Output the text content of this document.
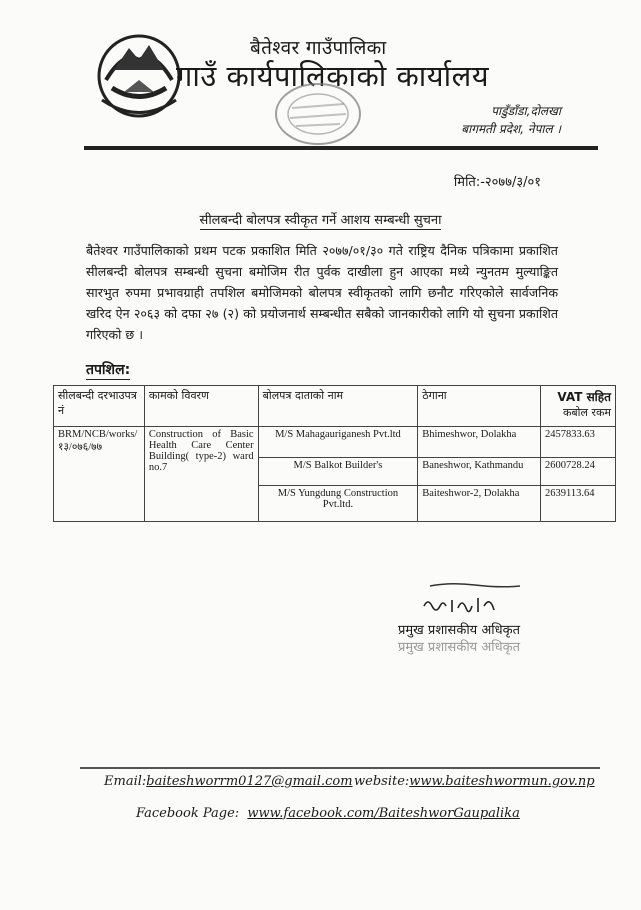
बैतेश्वर गाउँपालिका
गाउँ कार्यपालिकाको कार्यालय
पाडुँडाँडा,दोलखा
बागमती प्रदेश, नेपाल ।
मिति:-२०७७/३/०१
सीलबन्दी बोलपत्र स्वीकृत गर्ने आशय सम्बन्धी सुचना
बैतेश्वर गाउँपालिकाको प्रथम पटक प्रकाशित मिति २०७७/०१/३० गते राष्ट्रिय दैनिक पत्रिकामा प्रकाशित सीलबन्दी बोलपत्र सम्बन्धी सुचना बमोजिम रीत पुर्वक दाखीला हुन आएका मध्ये न्युनतम मुल्याङ्कित सारभुत रुपमा प्रभावग्राही तपशिल बमोजिमको बोलपत्र स्वीकृतको लागि छनौट गरिएकोले सार्वजनिक खरिद ऐन २०६३ को दफा २७ (२) को प्रयोजनार्थ सम्बन्धीत सबैको जानकारीको लागि यो सुचना प्रकाशित गरिएको छ ।
तपशिल:
सीलबन्दी दरभाउपत्र नं	कामको विवरण	बोलपत्र दाताको नाम	ठेगाना	VAT सहित
कबोल रकम

BRM/NCB/works/१३/०७६/७७	Construction of Basic Health Care Center Building( type-2) ward no.7	M/S Mahagauriganesh Pvt.ltd	Bhimeshwor, Dolakha	2457833.63
		M/S Balkot Builder's	Baneshwor, Kathmandu	2600728.24
		M/S Yungdung Construction Pvt.ltd.	Baiteshwor-2, Dolakha	2639113.64
प्रमुख प्रशासकीय अधिकृत
प्रमुख प्रशासकीय अधिकृत
Email:baiteshworrm0127@gmail.com website:www.baiteshwormun.gov.np
Facebook Page: www.facebook.com/BaiteshworGaupalika
